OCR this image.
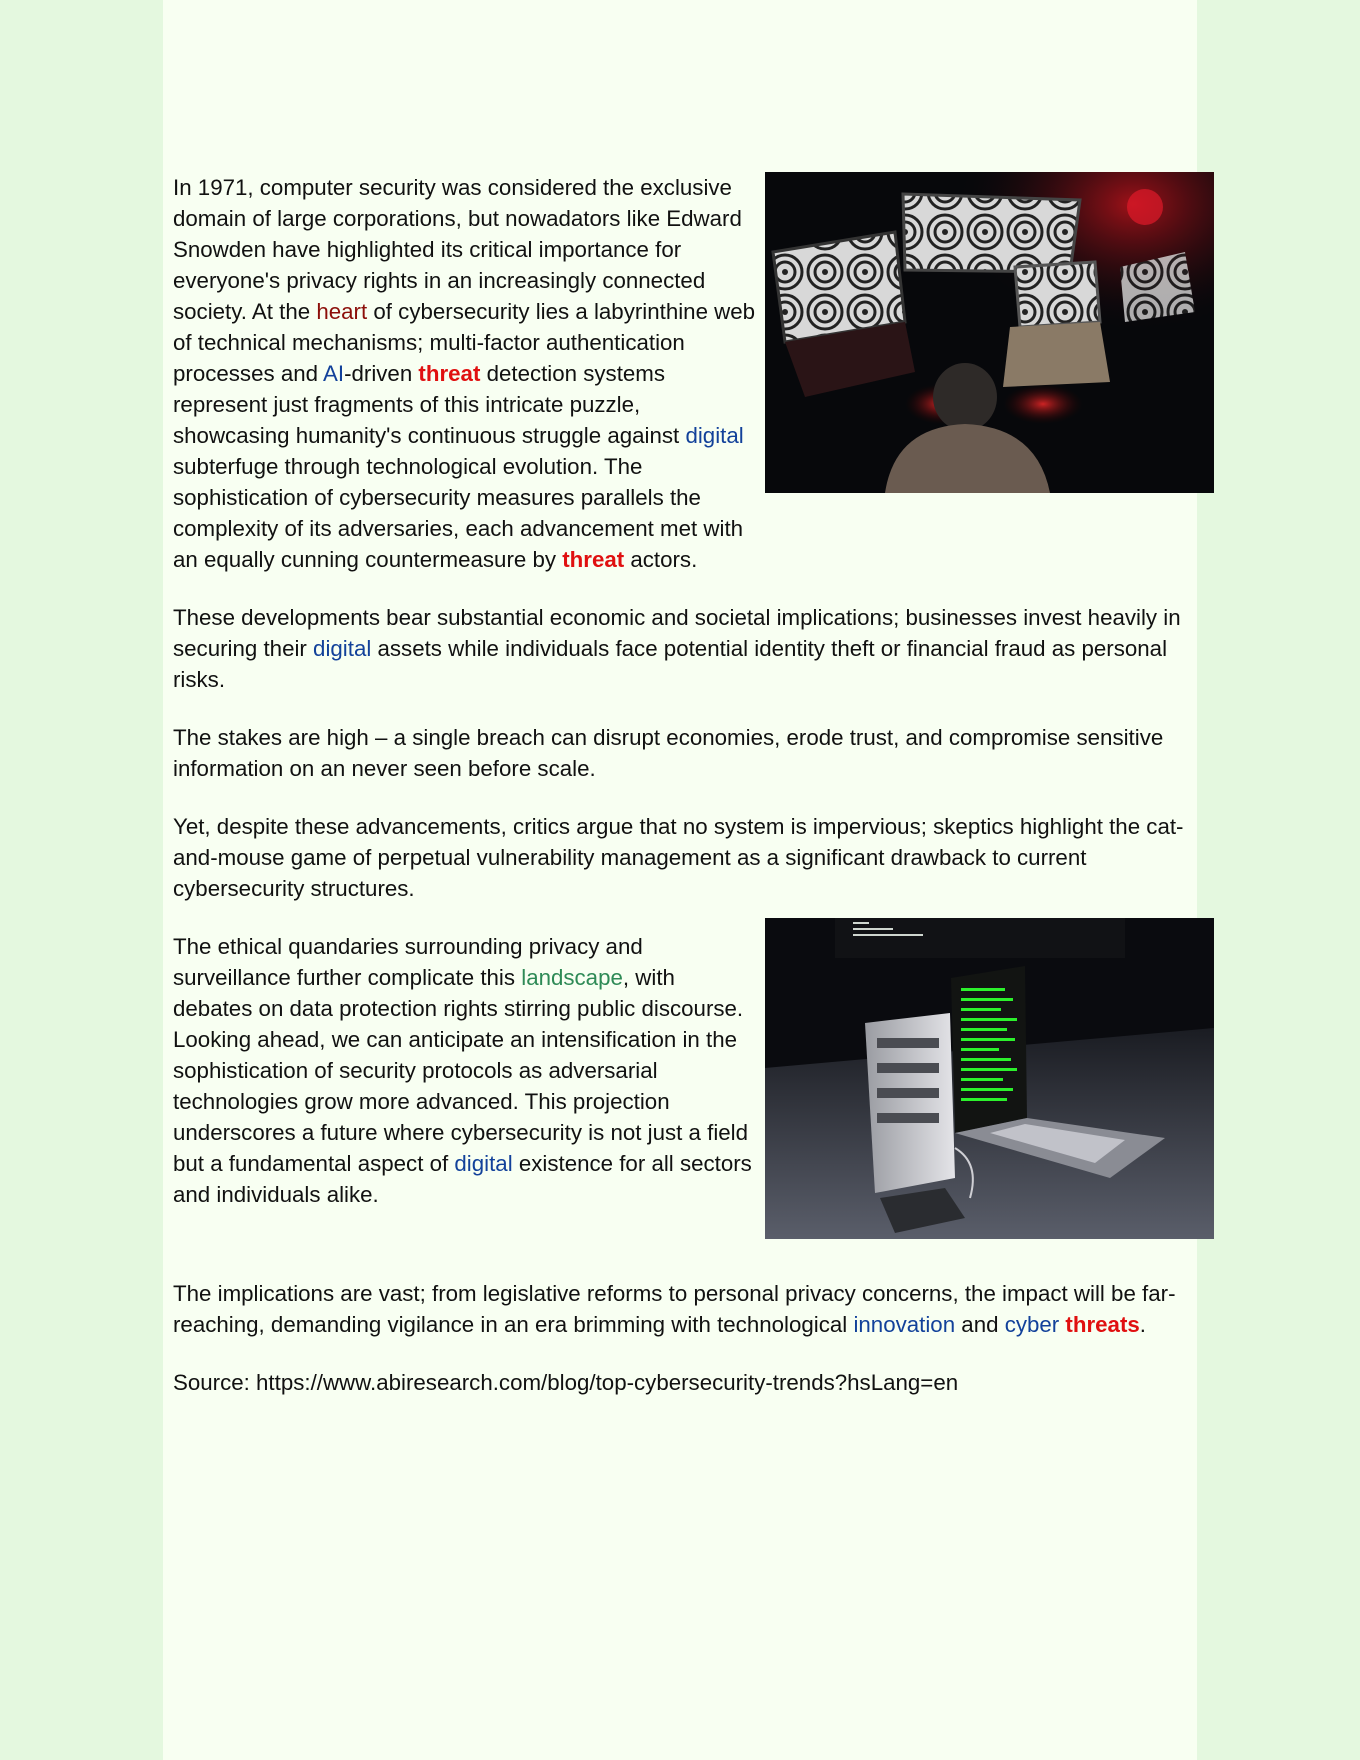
In 1971, computer security was considered the exclusive domain of large corporations, but nowadators like Edward Snowden have highlighted its critical importance for everyone's privacy rights in an increasingly connected society. At the heart of cybersecurity lies a labyrinthine web of technical mechanisms; multi-factor authentication processes and AI-driven threat detection systems represent just fragments of this intricate puzzle, showcasing humanity's continuous struggle against digital subterfuge through technological evolution. The sophistication of cybersecurity measures parallels the complexity of its adversaries, each advancement met with an equally cunning countermeasure by threat actors.

These developments bear substantial economic and societal implications; businesses invest heavily in securing their digital assets while individuals face potential identity theft or financial fraud as personal risks.

The stakes are high – a single breach can disrupt economies, erode trust, and compromise sensitive information on an never seen before scale.

Yet, despite these advancements, critics argue that no system is impervious; skeptics highlight the cat-and-mouse game of perpetual vulnerability management as a significant drawback to current cybersecurity structures.

The ethical quandaries surrounding privacy and surveillance further complicate this landscape, with debates on data protection rights stirring public discourse. Looking ahead, we can anticipate an intensification in the sophistication of security protocols as adversarial technologies grow more advanced. This projection underscores a future where cybersecurity is not just a field but a fundamental aspect of digital existence for all sectors and individuals alike.

The implications are vast; from legislative reforms to personal privacy concerns, the impact will be far-reaching, demanding vigilance in an era brimming with technological innovation and cyber threats.

Source: https://www.abiresearch.com/blog/top-cybersecurity-trends?hsLang=en
